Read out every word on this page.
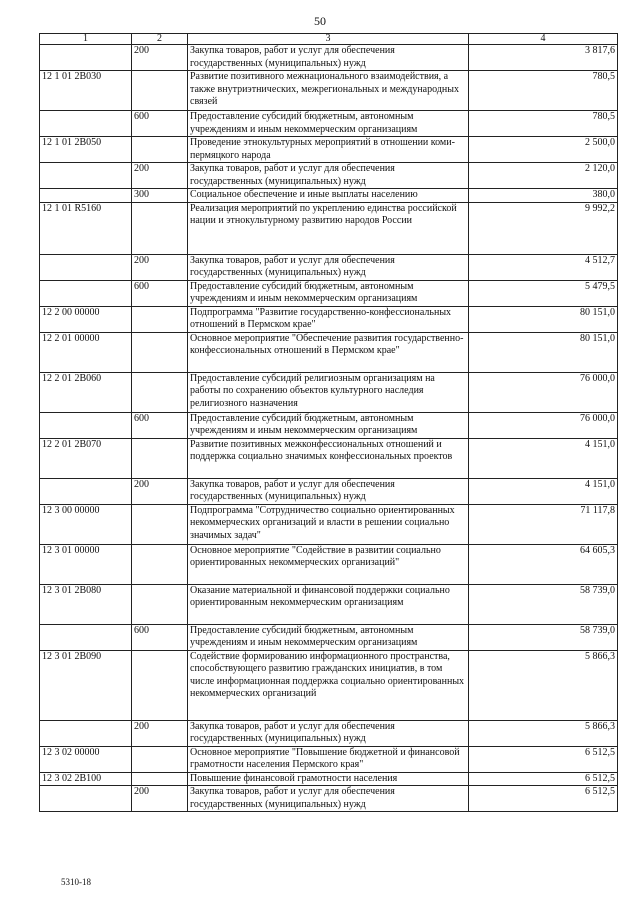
50
1	2	3	4
	200	Закупка товаров, работ и услуг для обеспечения государственных (муниципальных) нужд	3 817,6
12 1 01 2B030		Развитие позитивного межнационального взаимодействия, а также внутриэтнических, межрегиональных и международных связей	780,5
	600	Предоставление субсидий бюджетным, автономным учреждениям и иным некоммерческим организациям	780,5
12 1 01 2B050		Проведение этнокультурных мероприятий в отношении коми-пермяцкого народа	2 500,0
	200	Закупка товаров, работ и услуг для обеспечения государственных (муниципальных) нужд	2 120,0
	300	Социальное обеспечение и иные выплаты населению	380,0
12 1 01 R5160		Реализация мероприятий по укреплению единства российской нации и этнокультурному развитию народов России	9 992,2
	200	Закупка товаров, работ и услуг для обеспечения государственных (муниципальных) нужд	4 512,7
	600	Предоставление субсидий бюджетным, автономным учреждениям и иным некоммерческим организациям	5 479,5
12 2 00 00000		Подпрограмма "Развитие государственно-конфессиональных отношений в Пермском крае"	80 151,0
12 2 01 00000		Основное мероприятие "Обеспечение развития государственно-конфессиональных отношений в Пермском крае"	80 151,0
12 2 01 2B060		Предоставление субсидий религиозным организациям на работы по сохранению объектов культурного наследия религиозного назначения	76 000,0
	600	Предоставление субсидий бюджетным, автономным учреждениям и иным некоммерческим организациям	76 000,0
12 2 01 2B070		Развитие позитивных межконфессиональных отношений и поддержка социально значимых конфессиональных проектов	4 151,0
	200	Закупка товаров, работ и услуг для обеспечения государственных (муниципальных) нужд	4 151,0
12 3 00 00000		Подпрограмма "Сотрудничество социально ориентированных некоммерческих организаций и власти в решении социально значимых задач"	71 117,8
12 3 01 00000		Основное мероприятие "Содействие в развитии социально ориентированных некоммерческих организаций"	64 605,3
12 3 01 2B080		Оказание материальной и финансовой поддержки социально ориентированным некоммерческим организациям	58 739,0
	600	Предоставление субсидий бюджетным, автономным учреждениям и иным некоммерческим организациям	58 739,0
12 3 01 2B090		Содействие формированию информационного пространства, способствующего развитию гражданских инициатив, в том числе информационная поддержка социально ориентированных некоммерческих организаций	5 866,3
	200	Закупка товаров, работ и услуг для обеспечения государственных (муниципальных) нужд	5 866,3
12 3 02 00000		Основное мероприятие "Повышение бюджетной и финансовой грамотности населения Пермского края"	6 512,5
12 3 02 2B100		Повышение финансовой грамотности населения	6 512,5
	200	Закупка товаров, работ и услуг для обеспечения государственных (муниципальных) нужд	6 512,5
5310-18
